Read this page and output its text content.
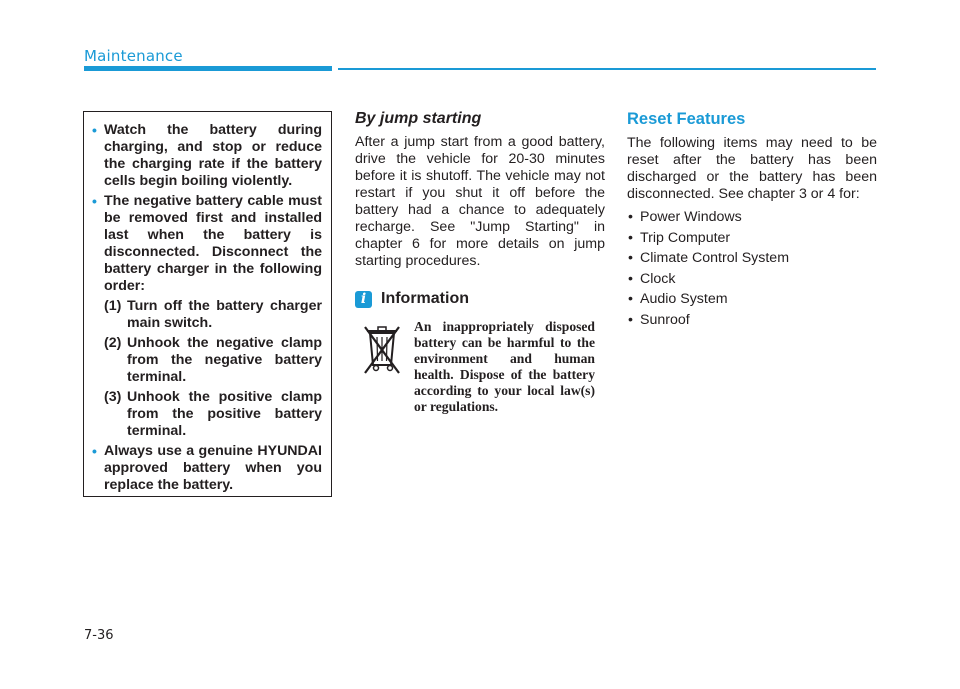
Maintenance
• Watch the battery during charging, and stop or reduce the charging rate if the battery cells begin boiling violently.
• The negative battery cable must be removed first and installed last when the battery is disconnected. Disconnect the battery charger in the following order:
(1) Turn off the battery charger main switch.
(2) Unhook the negative clamp from the negative battery terminal.
(3) Unhook the positive clamp from the positive battery terminal.
• Always use a genuine HYUNDAI approved battery when you replace the battery.
By jump starting

After a jump start from a good battery, drive the vehicle for 20-30 minutes before it is shutoff. The vehicle may not restart if you shut it off before the battery had a chance to adequately recharge. See "Jump Starting" in chapter 6 for more details on jump starting procedures.

i Information
An inappropriately disposed battery can be harmful to the environment and human health. Dispose of the battery according to your local law(s) or regulations.
Reset Features

The following items may need to be reset after the battery has been discharged or the battery has been disconnected. See chapter 3 or 4 for:

• Power Windows
• Trip Computer
• Climate Control System
• Clock
• Audio System
• Sunroof
7-36
